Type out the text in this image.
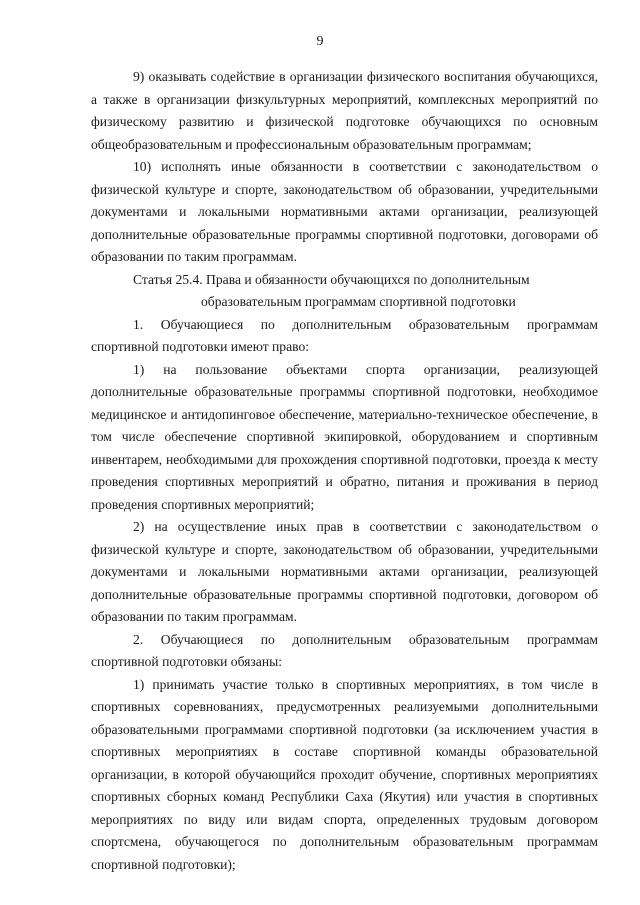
9

9) оказывать содействие в организации физического воспитания обучающихся, а также в организации физкультурных мероприятий, комплексных мероприятий по физическому развитию и физической подготовке обучающихся по основным общеобразовательным и профессиональным образовательным программам;

10) исполнять иные обязанности в соответствии с законодательством о физической культуре и спорте, законодательством об образовании, учредительными документами и локальными нормативными актами организации, реализующей дополнительные образовательные программы спортивной подготовки, договорами об образовании по таким программам.

Статья 25.4. Права и обязанности обучающихся по дополнительным

образовательным программам спортивной подготовки

1. Обучающиеся по дополнительным образовательным программам спортивной подготовки имеют право:

1) на пользование объектами спорта организации, реализующей дополнительные образовательные программы спортивной подготовки, необходимое медицинское и антидопинговое обеспечение, материально-техническое обеспечение, в том числе обеспечение спортивной экипировкой, оборудованием и спортивным инвентарем, необходимыми для прохождения спортивной подготовки, проезда к месту проведения спортивных мероприятий и обратно, питания и проживания в период проведения спортивных мероприятий;

2) на осуществление иных прав в соответствии с законодательством о физической культуре и спорте, законодательством об образовании, учредительными документами и локальными нормативными актами организации, реализующей дополнительные образовательные программы спортивной подготовки, договором об образовании по таким программам.

2. Обучающиеся по дополнительным образовательным программам спортивной подготовки обязаны:

1) принимать участие только в спортивных мероприятиях, в том числе в спортивных соревнованиях, предусмотренных реализуемыми дополнительными образовательными программами спортивной подготовки (за исключением участия в спортивных мероприятиях в составе спортивной команды образовательной организации, в которой обучающийся проходит обучение, спортивных мероприятиях спортивных сборных команд Республики Саха (Якутия) или участия в спортивных мероприятиях по виду или видам спорта, определенных трудовым договором спортсмена, обучающегося по дополнительным образовательным программам спортивной подготовки);
